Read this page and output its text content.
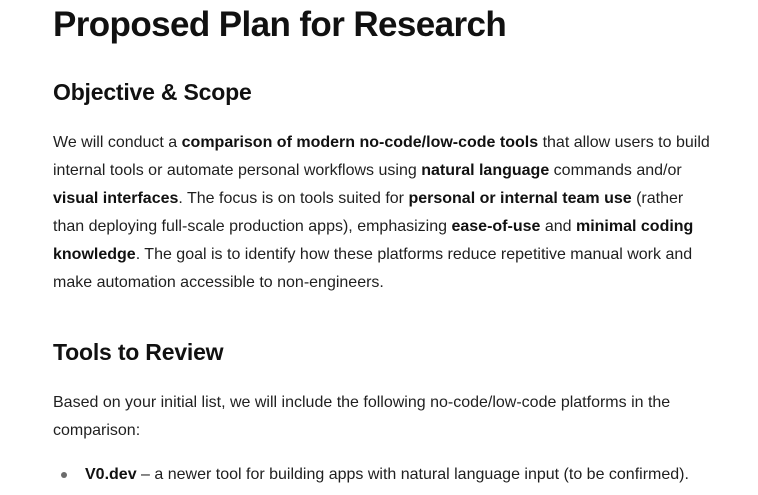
Proposed Plan for Research
Objective & Scope

We will conduct a comparison of modern no-code/low-code tools that allow users to build internal tools or automate personal workflows using natural language commands and/or visual interfaces. The focus is on tools suited for personal or internal team use (rather than deploying full-scale production apps), emphasizing ease-of-use and minimal coding knowledge. The goal is to identify how these platforms reduce repetitive manual work and make automation accessible to non-engineers.

Tools to Review

Based on your initial list, we will include the following no-code/low-code platforms in the comparison:

V0.dev – a newer tool for building apps with natural language input (to be confirmed).
